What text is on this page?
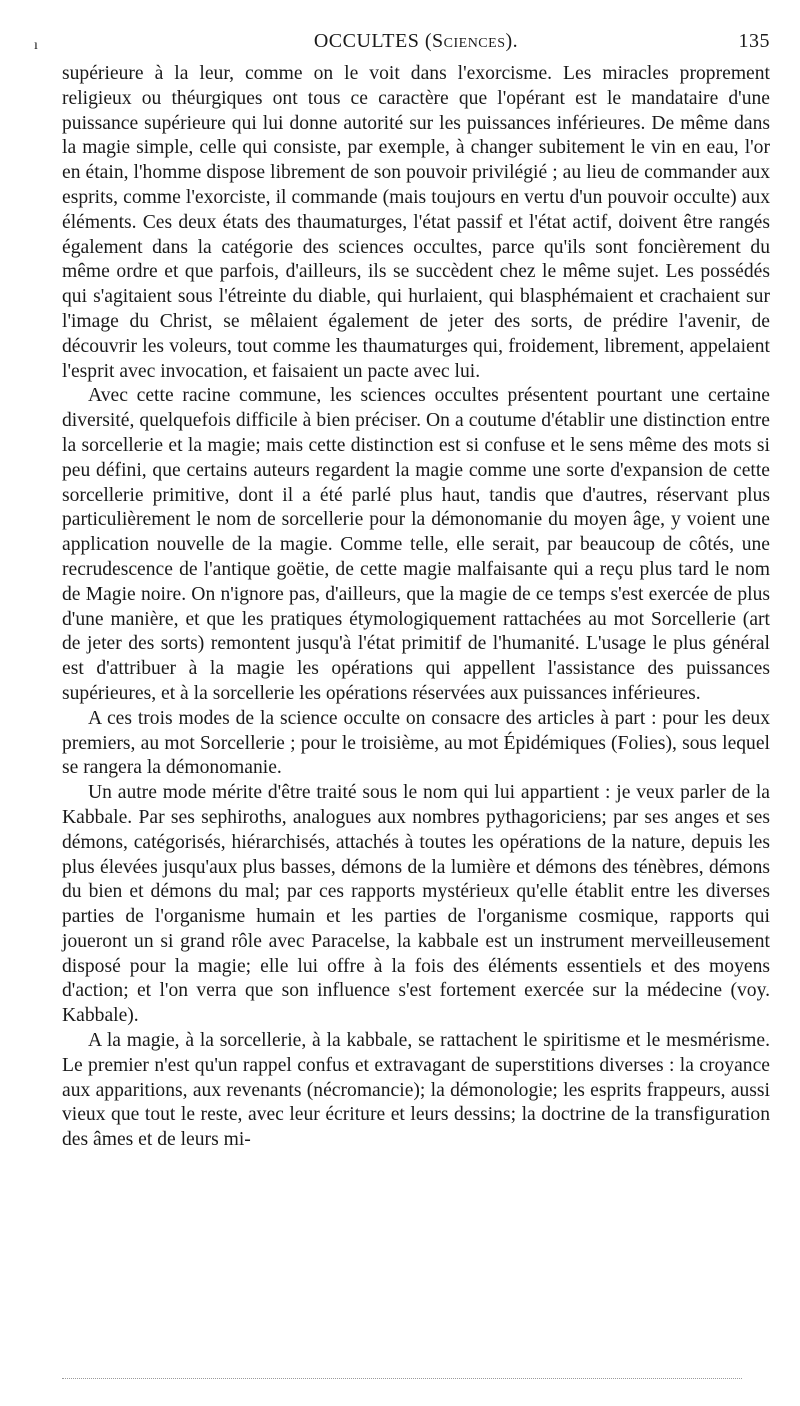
ı	OCCULTES (Sciences).	135

supérieure à la leur, comme on le voit dans l'exorcisme. Les miracles proprement religieux ou théurgiques ont tous ce caractère que l'opérant est le mandataire d'une puissance supérieure qui lui donne autorité sur les puissances inférieures. De même dans la magie simple, celle qui consiste, par exemple, à changer subitement le vin en eau, l'or en étain, l'homme dispose librement de son pouvoir privilégié ; au lieu de commander aux esprits, comme l'exorciste, il commande (mais toujours en vertu d'un pouvoir occulte) aux éléments. Ces deux états des thaumaturges, l'état passif et l'état actif, doivent être rangés également dans la catégorie des sciences occultes, parce qu'ils sont foncièrement du même ordre et que parfois, d'ailleurs, ils se succèdent chez le même sujet. Les possédés qui s'agitaient sous l'étreinte du diable, qui hurlaient, qui blasphémaient et crachaient sur l'image du Christ, se mêlaient également de jeter des sorts, de prédire l'avenir, de découvrir les voleurs, tout comme les thaumaturges qui, froidement, librement, appelaient l'esprit avec invocation, et faisaient un pacte avec lui.

Avec cette racine commune, les sciences occultes présentent pourtant une certaine diversité, quelquefois difficile à bien préciser. On a coutume d'établir une distinction entre la sorcellerie et la magie; mais cette distinction est si confuse et le sens même des mots si peu défini, que certains auteurs regardent la magie comme une sorte d'expansion de cette sorcellerie primitive, dont il a été parlé plus haut, tandis que d'autres, réservant plus particulièrement le nom de sorcellerie pour la démonomanie du moyen âge, y voient une application nouvelle de la magie. Comme telle, elle serait, par beaucoup de côtés, une recrudescence de l'antique goëtie, de cette magie malfaisante qui a reçu plus tard le nom de Magie noire. On n'ignore pas, d'ailleurs, que la magie de ce temps s'est exercée de plus d'une manière, et que les pratiques étymologiquement rattachées au mot Sorcellerie (art de jeter des sorts) remontent jusqu'à l'état primitif de l'humanité. L'usage le plus général est d'attribuer à la magie les opérations qui appellent l'assistance des puissances supérieures, et à la sorcellerie les opérations réservées aux puissances inférieures.

A ces trois modes de la science occulte on consacre des articles à part : pour les deux premiers, au mot Sorcellerie ; pour le troisième, au mot Épidémiques (Folies), sous lequel se rangera la démonomanie.

Un autre mode mérite d'être traité sous le nom qui lui appartient : je veux parler de la Kabbale. Par ses sephiroths, analogues aux nombres pythagoriciens; par ses anges et ses démons, catégorisés, hiérarchisés, attachés à toutes les opérations de la nature, depuis les plus élevées jusqu'aux plus basses, démons de la lumière et démons des ténèbres, démons du bien et démons du mal; par ces rapports mystérieux qu'elle établit entre les diverses parties de l'organisme humain et les parties de l'organisme cosmique, rapports qui joueront un si grand rôle avec Paracelse, la kabbale est un instrument merveilleusement disposé pour la magie; elle lui offre à la fois des éléments essentiels et des moyens d'action; et l'on verra que son influence s'est fortement exercée sur la médecine (voy. Kabbale).

A la magie, à la sorcellerie, à la kabbale, se rattachent le spiritisme et le mesmérisme. Le premier n'est qu'un rappel confus et extravagant de superstitions diverses : la croyance aux apparitions, aux revenants (nécromancie); la démonologie; les esprits frappeurs, aussi vieux que tout le reste, avec leur écriture et leurs dessins; la doctrine de la transfiguration des âmes et de leurs mi-
